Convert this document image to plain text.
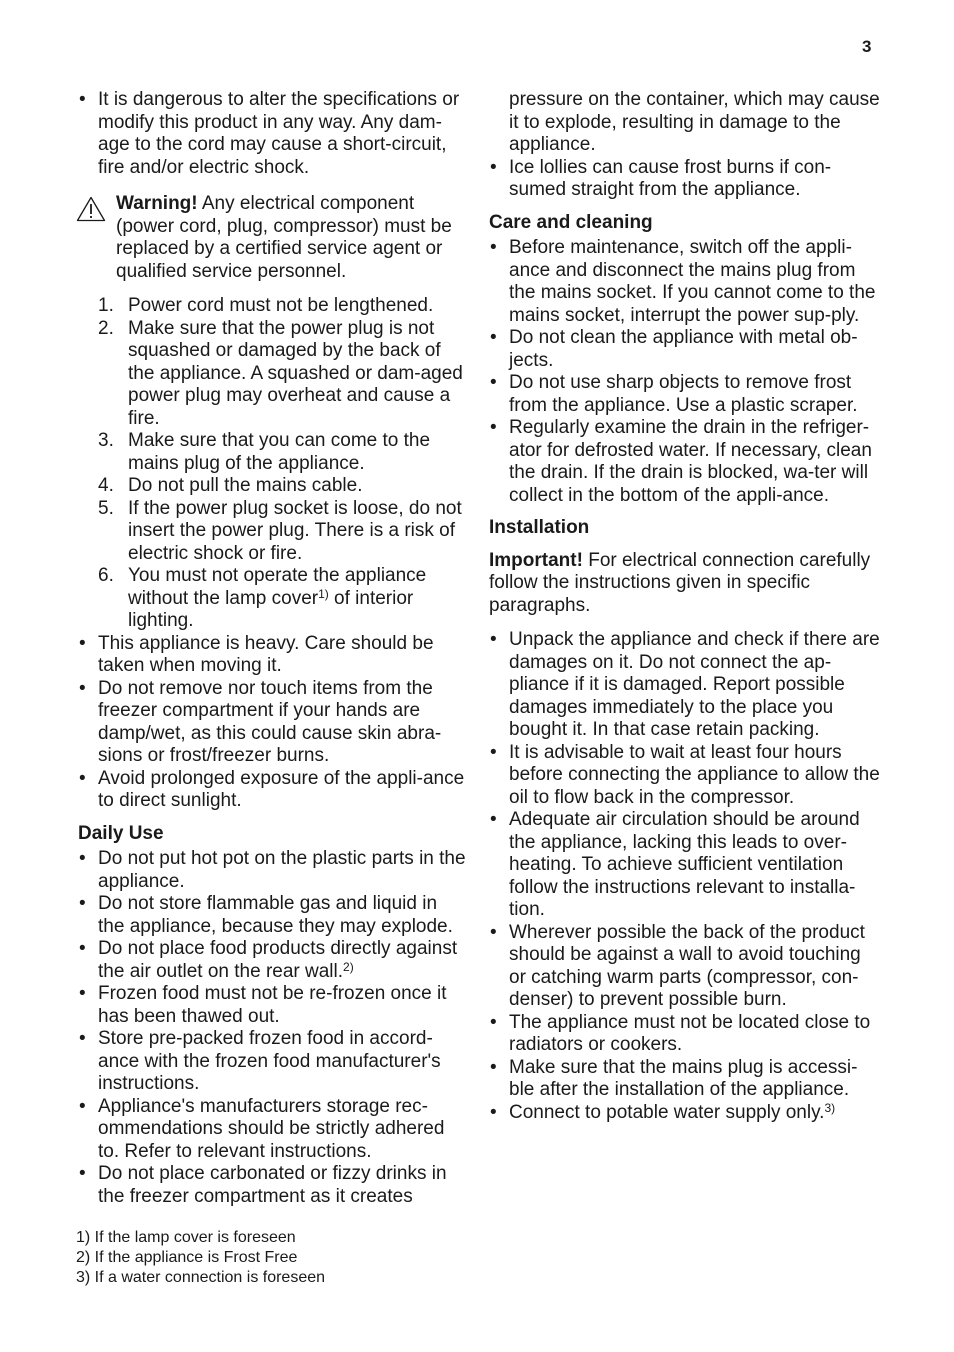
3
• It is dangerous to alter the specifications or modify this product in any way. Any dam-age to the cord may cause a short-circuit, fire and/or electric shock.
Warning! Any electrical component (power cord, plug, compressor) must be replaced by a certified service agent or qualified service personnel.
1. Power cord must not be lengthened.
2. Make sure that the power plug is not squashed or damaged by the back of the appliance. A squashed or dam-aged power plug may overheat and cause a fire.
3. Make sure that you can come to the mains plug of the appliance.
4. Do not pull the mains cable.
5. If the power plug socket is loose, do not insert the power plug. There is a risk of electric shock or fire.
6. You must not operate the appliance without the lamp cover$^{1)}$ of interior lighting.
• This appliance is heavy. Care should be taken when moving it.
• Do not remove nor touch items from the freezer compartment if your hands are damp/wet, as this could cause skin abra-sions or frost/freezer burns.
• Avoid prolonged exposure of the appli-ance to direct sunlight.
Daily Use
• Do not put hot pot on the plastic parts in the appliance.
• Do not store flammable gas and liquid in the appliance, because they may explode.
• Do not place food products directly against the air outlet on the rear wall.$^{2)}$
• Frozen food must not be re-frozen once it has been thawed out.
• Store pre-packed frozen food in accord-ance with the frozen food manufacturer's instructions.
• Appliance's manufacturers storage rec-ommendations should be strictly adhered to. Refer to relevant instructions.
• Do not place carbonated or fizzy drinks in the freezer compartment as it creates
pressure on the container, which may cause it to explode, resulting in damage to the appliance.
• Ice lollies can cause frost burns if con-sumed straight from the appliance.
Care and cleaning
• Before maintenance, switch off the appli-ance and disconnect the mains plug from the mains socket. If you cannot come to the mains socket, interrupt the power sup-ply.
• Do not clean the appliance with metal ob-jects.
• Do not use sharp objects to remove frost from the appliance. Use a plastic scraper.
• Regularly examine the drain in the refriger-ator for defrosted water. If necessary, clean the drain. If the drain is blocked, wa-ter will collect in the bottom of the appli-ance.
Installation
Important! For electrical connection carefully follow the instructions given in specific paragraphs.
• Unpack the appliance and check if there are damages on it. Do not connect the ap-pliance if it is damaged. Report possible damages immediately to the place you bought it. In that case retain packing.
• It is advisable to wait at least four hours before connecting the appliance to allow the oil to flow back in the compressor.
• Adequate air circulation should be around the appliance, lacking this leads to over-heating. To achieve sufficient ventilation follow the instructions relevant to installa-tion.
• Wherever possible the back of the product should be against a wall to avoid touching or catching warm parts (compressor, con-denser) to prevent possible burn.
• The appliance must not be located close to radiators or cookers.
• Make sure that the mains plug is accessi-ble after the installation of the appliance.
• Connect to potable water supply only.$^{3)}$
1) If the lamp cover is foreseen
2) If the appliance is Frost Free
3) If a water connection is foreseen
